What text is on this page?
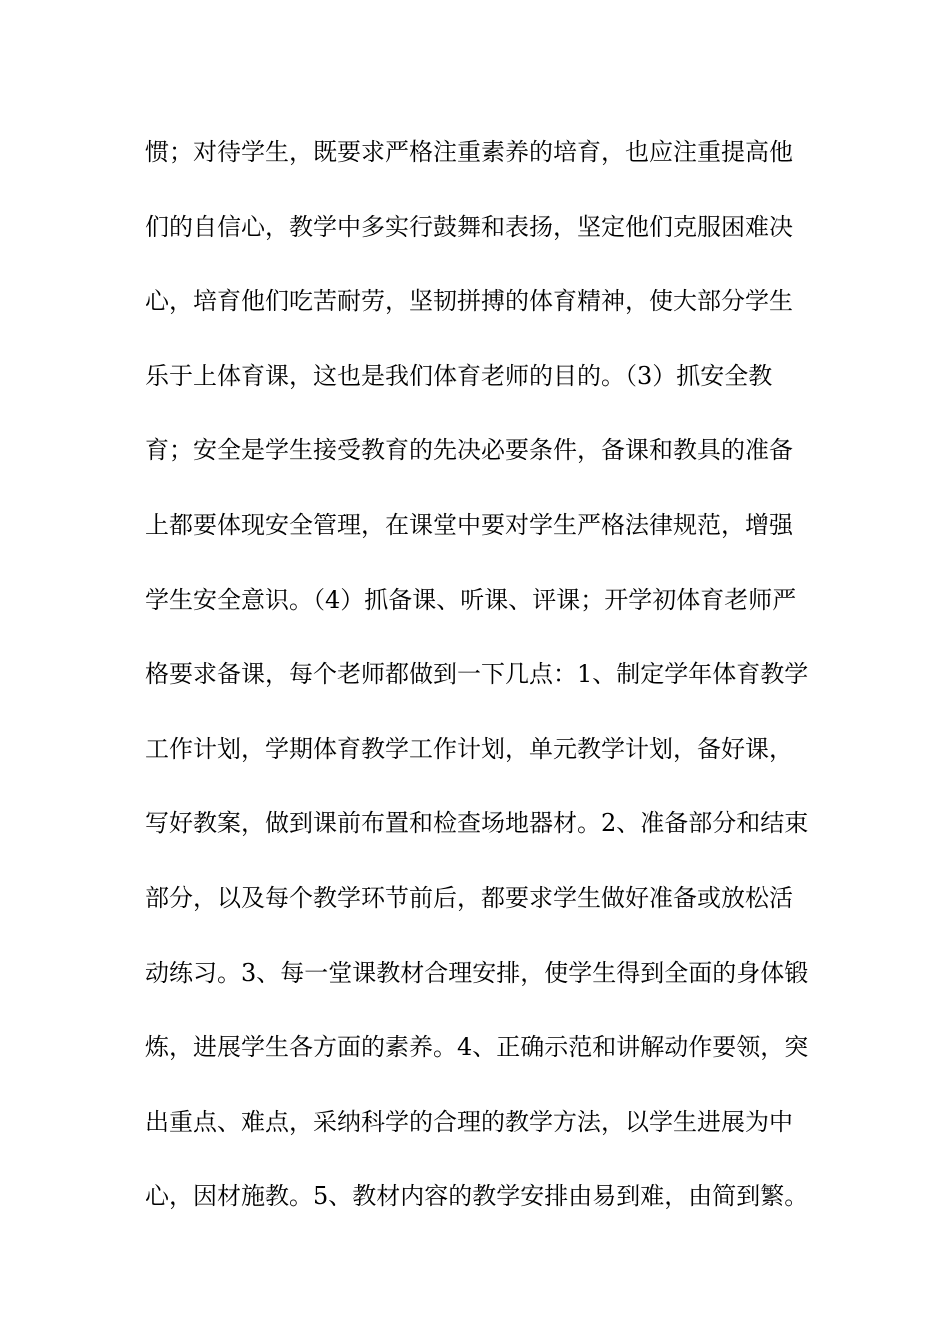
惯；对待学生，既要求严格注重素养的培育，也应注重提高他
们的自信心，教学中多实行鼓舞和表扬，坚定他们克服困难决
心，培育他们吃苦耐劳，坚韧拼搏的体育精神，使大部分学生
乐于上体育课，这也是我们体育老师的目的。（3）抓安全教
育；安全是学生接受教育的先决必要条件，备课和教具的准备
上都要体现安全管理，在课堂中要对学生严格法律规范，增强
学生安全意识。（4）抓备课、听课、评课；开学初体育老师严
格要求备课，每个老师都做到一下几点：1、制定学年体育教学
工作计划，学期体育教学工作计划，单元教学计划，备好课，
写好教案，做到课前布置和检查场地器材。2、准备部分和结束
部分，以及每个教学环节前后，都要求学生做好准备或放松活
动练习。3、每一堂课教材合理安排，使学生得到全面的身体锻
炼，进展学生各方面的素养。4、正确示范和讲解动作要领，突
出重点、难点，采纳科学的合理的教学方法，以学生进展为中
心，因材施教。5、教材内容的教学安排由易到难，由简到繁。
